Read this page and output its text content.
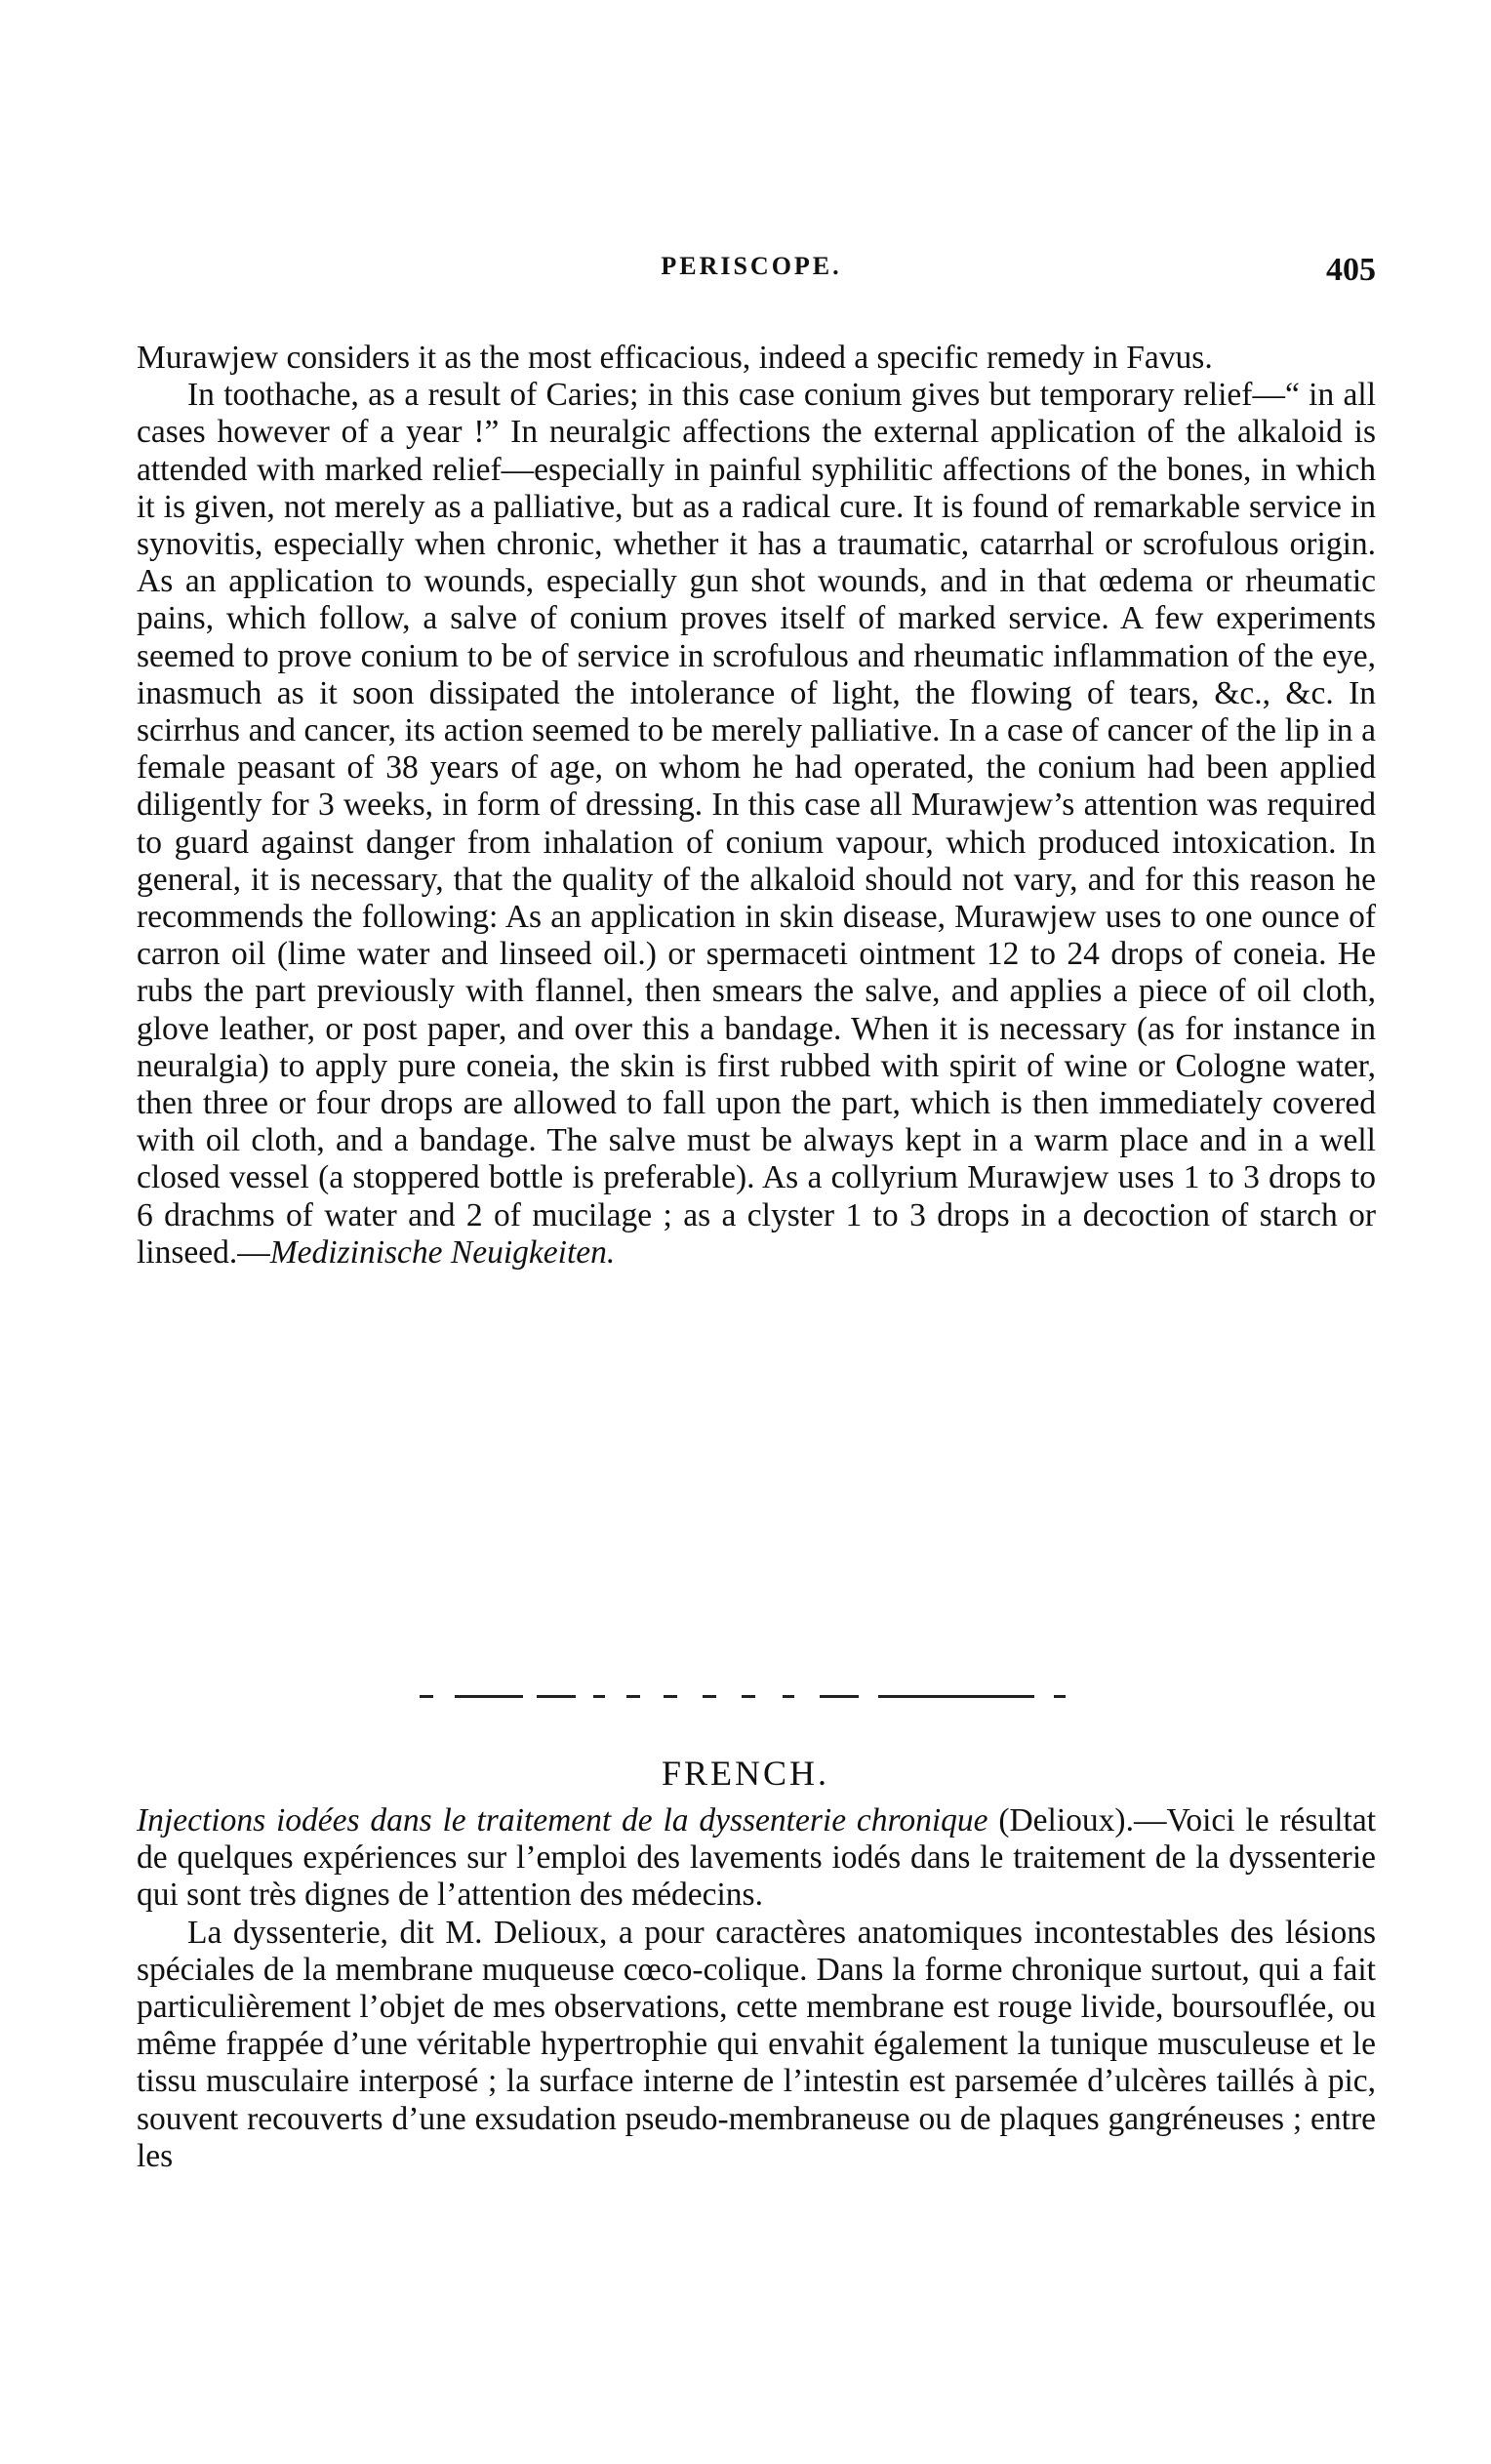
PERISCOPE.	405

Murawjew considers it as the most efficacious, indeed a specific remedy in Favus.

In toothache, as a result of Caries; in this case conium gives but temporary relief—“ in all cases however of a year !” In neuralgic affections the external application of the alkaloid is attended with marked relief—especially in painful syphilitic affections of the bones, in which it is given, not merely as a palliative, but as a radical cure. It is found of remarkable service in synovitis, especially when chronic, whether it has a traumatic, catarrhal or scrofulous origin. As an application to wounds, especially gun shot wounds, and in that œdema or rheumatic pains, which follow, a salve of conium proves itself of marked service. A few experiments seemed to prove conium to be of service in scrofulous and rheumatic inflammation of the eye, inasmuch as it soon dissipated the intolerance of light, the flowing of tears, &c., &c. In scirrhus and cancer, its action seemed to be merely palliative. In a case of cancer of the lip in a female peasant of 38 years of age, on whom he had operated, the conium had been applied diligently for 3 weeks, in form of dressing. In this case all Murawjew’s attention was required to guard against danger from inhalation of conium vapour, which produced intoxication. In general, it is necessary, that the quality of the alkaloid should not vary, and for this reason he recommends the following: As an application in skin disease, Murawjew uses to one ounce of carron oil (lime water and linseed oil.) or spermaceti ointment 12 to 24 drops of coneia. He rubs the part previously with flannel, then smears the salve, and applies a piece of oil cloth, glove leather, or post paper, and over this a bandage. When it is necessary (as for instance in neuralgia) to apply pure coneia, the skin is first rubbed with spirit of wine or Cologne water, then three or four drops are allowed to fall upon the part, which is then immediately covered with oil cloth, and a bandage. The salve must be always kept in a warm place and in a well closed vessel (a stoppered bottle is preferable). As a collyrium Murawjew uses 1 to 3 drops to 6 drachms of water and 2 of mucilage ; as a clyster 1 to 3 drops in a decoction of starch or linseed.—Medizinische Neuigkeiten.

FRENCH.

Injections iodées dans le traitement de la dyssenterie chronique (Delioux).—Voici le résultat de quelques expériences sur l’emploi des lavements iodés dans le traitement de la dyssenterie qui sont très dignes de l’attention des médecins.

La dyssenterie, dit M. Delioux, a pour caractères anatomiques incontestables des lésions spéciales de la membrane muqueuse cœco-colique. Dans la forme chronique surtout, qui a fait particulièrement l’objet de mes observations, cette membrane est rouge livide, boursouflée, ou même frappée d’une véritable hypertrophie qui envahit également la tunique musculeuse et le tissu musculaire interposé ; la surface interne de l’intestin est parsemée d’ulcères taillés à pic, souvent recouverts d’une exsudation pseudo-membraneuse ou de plaques gangréneuses ; entre les
